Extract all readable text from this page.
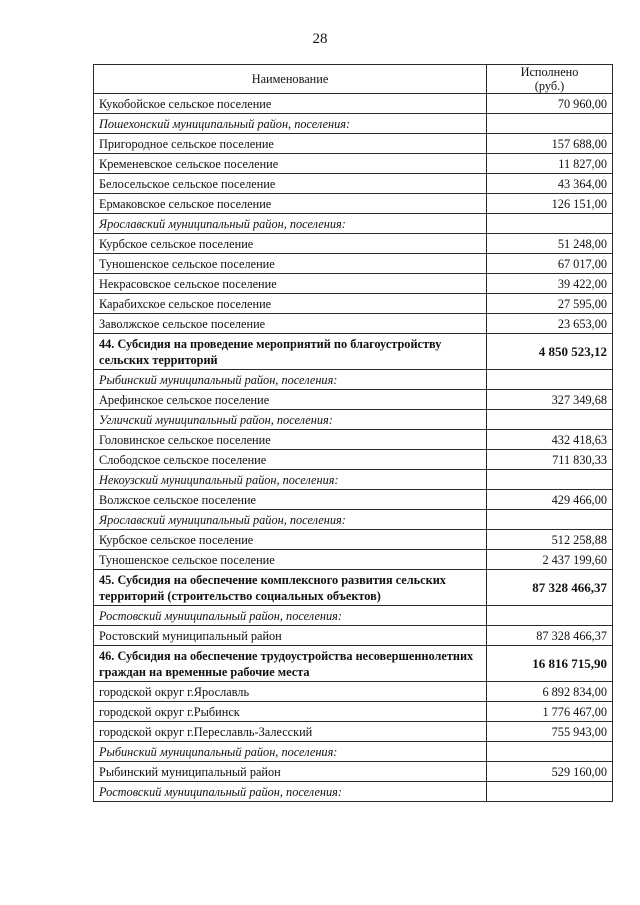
28
Наименование	Исполнено
(руб.)
Кукобойское сельское поселение	70 960,00
Пошехонский муниципальный район, поселения:	
Пригородное сельское поселение	157 688,00
Кременевское сельское поселение	11 827,00
Белосельское сельское поселение	43 364,00
Ермаковское сельское поселение	126 151,00
Ярославский муниципальный район, поселения:	
Курбское сельское поселение	51 248,00
Туношенское сельское поселение	67 017,00
Некрасовское сельское поселение	39 422,00
Карабихское сельское поселение	27 595,00
Заволжское сельское поселение	23 653,00
44. Субсидия на проведение мероприятий по благоустройству сельских территорий	4 850 523,12
Рыбинский муниципальный район, поселения:	
Арефинское сельское поселение	327 349,68
Угличский муниципальный район, поселения:	
Головинское сельское поселение	432 418,63
Слободское сельское поселение	711 830,33
Некоузский муниципальный район, поселения:	
Волжское сельское поселение	429 466,00
Ярославский муниципальный район, поселения:	
Курбское сельское поселение	512 258,88
Туношенское сельское поселение	2 437 199,60
45. Субсидия на обеспечение комплексного развития сельских территорий (строительство социальных объектов)	87 328 466,37
Ростовский муниципальный район, поселения:	
Ростовский муниципальный район	87 328 466,37
46. Субсидия на обеспечение трудоустройства несовершеннолетних граждан на временные рабочие места	16 816 715,90
городской округ г.Ярославль	6 892 834,00
городской округ г.Рыбинск	1 776 467,00
городской округ г.Переславль-Залесский	755 943,00
Рыбинский муниципальный район, поселения:	
Рыбинский муниципальный район	529 160,00
Ростовский муниципальный район, поселения:	
